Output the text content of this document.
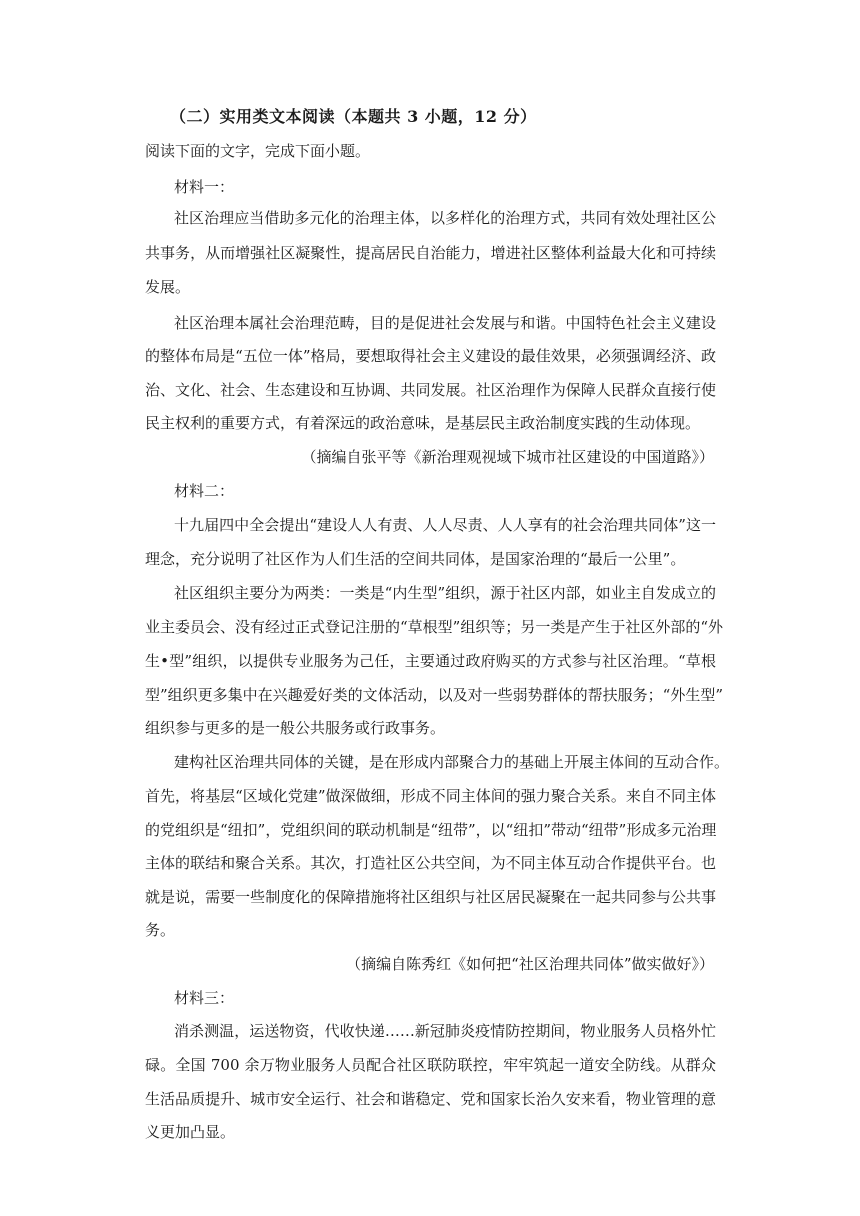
（二）实用类文本阅读（本题共 3 小题，12 分）
阅读下面的文字，完成下面小题。
材料一：
社区治理应当借助多元化的治理主体，以多样化的治理方式，共同有效处理社区公
共事务，从而增强社区凝聚性，提高居民自治能力，增进社区整体利益最大化和可持续
发展。
社区治理本属社会治理范畴，目的是促进社会发展与和谐。中国特色社会主义建设
的整体布局是“五位一体”格局，要想取得社会主义建设的最佳效果，必须强调经济、政
治、文化、社会、生态建设和互协调、共同发展。社区治理作为保障人民群众直接行使
民主权利的重要方式，有着深远的政治意味，是基层民主政治制度实践的生动体现。
（摘编自张平等《新治理观视域下城市社区建设的中国道路》）
材料二：
十九届四中全会提出“建设人人有责、人人尽责、人人享有的社会治理共同体”这一
理念，充分说明了社区作为人们生活的空间共同体，是国家治理的“最后一公里”。
社区组织主要分为两类：一类是“内生型”组织，源于社区内部，如业主自发成立的
业主委员会、没有经过正式登记注册的“草根型”组织等；另一类是产生于社区外部的“外
生•型”组织，以提供专业服务为己任，主要通过政府购买的方式参与社区治理。“草根
型”组织更多集中在兴趣爱好类的文体活动，以及对一些弱势群体的帮扶服务；“外生型”
组织参与更多的是一般公共服务或行政事务。
建构社区治理共同体的关键，是在形成内部聚合力的基础上开展主体间的互动合作。
首先，将基层“区域化党建”做深做细，形成不同主体间的强力聚合关系。来自不同主体
的党组织是“纽扣”，党组织间的联动机制是“纽带”，以“纽扣”带动“纽带”形成多元治理
主体的联结和聚合关系。其次，打造社区公共空间，为不同主体互动合作提供平台。也
就是说，需要一些制度化的保障措施将社区组织与社区居民凝聚在一起共同参与公共事
务。
（摘编自陈秀红《如何把“社区治理共同体”做实做好》）
材料三：
消杀测温，运送物资，代收快递……新冠肺炎疫情防控期间，物业服务人员格外忙
碌。全国 700 余万物业服务人员配合社区联防联控，牢牢筑起一道安全防线。从群众
生活品质提升、城市安全运行、社会和谐稳定、党和国家长治久安来看，物业管理的意
义更加凸显。
